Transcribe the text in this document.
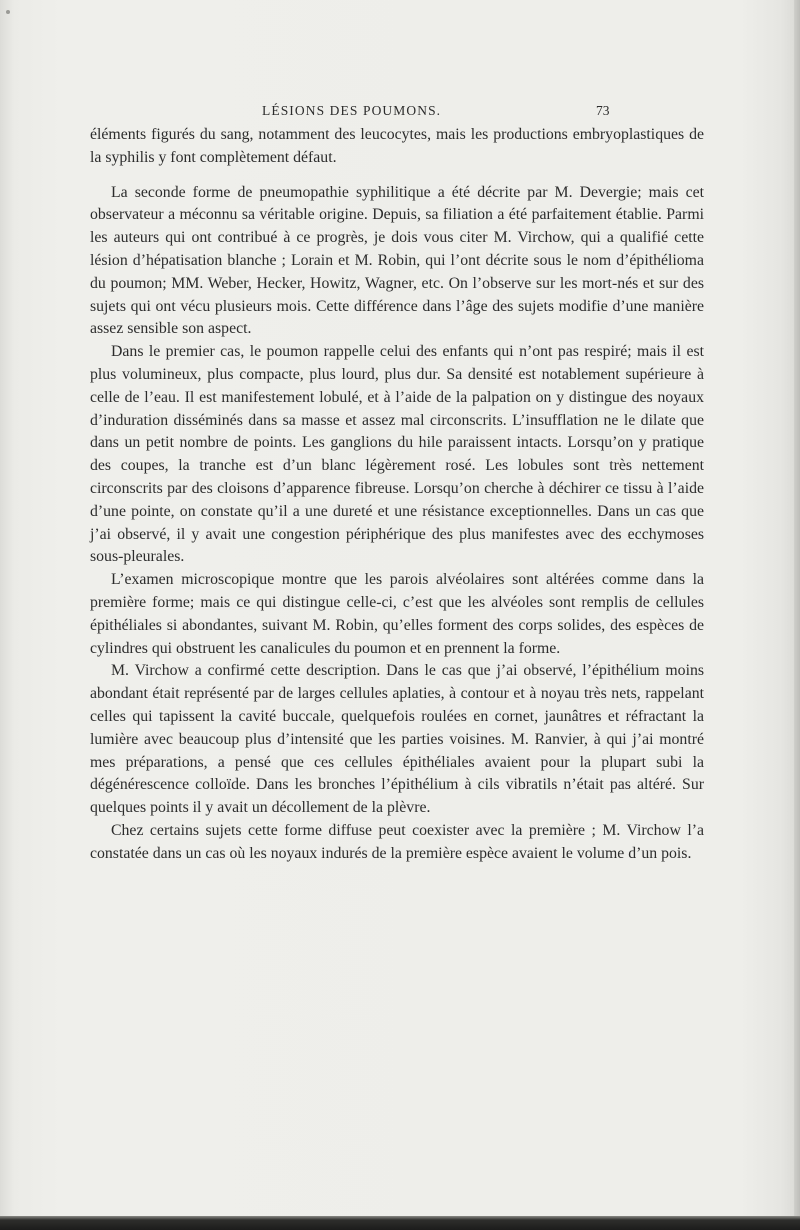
LÉSIONS DES POUMONS.	73

éléments figurés du sang, notamment des leucocytes, mais les productions embryoplastiques de la syphilis y font complètement défaut.

La seconde forme de pneumopathie syphilitique a été décrite par M. Devergie; mais cet observateur a méconnu sa véritable origine. Depuis, sa filiation a été parfaitement établie. Parmi les auteurs qui ont contribué à ce progrès, je dois vous citer M. Virchow, qui a qualifié cette lésion d’hépatisation blanche ; Lorain et M. Robin, qui l’ont décrite sous le nom d’épithélioma du poumon; MM. Weber, Hecker, Howitz, Wagner, etc. On l’observe sur les mort-nés et sur des sujets qui ont vécu plusieurs mois. Cette différence dans l’âge des sujets modifie d’une manière assez sensible son aspect.

Dans le premier cas, le poumon rappelle celui des enfants qui n’ont pas respiré; mais il est plus volumineux, plus compacte, plus lourd, plus dur. Sa densité est notablement supérieure à celle de l’eau. Il est manifestement lobulé, et à l’aide de la palpation on y distingue des noyaux d’induration disséminés dans sa masse et assez mal circonscrits. L’insufflation ne le dilate que dans un petit nombre de points. Les ganglions du hile paraissent intacts. Lorsqu’on y pratique des coupes, la tranche est d’un blanc légèrement rosé. Les lobules sont très nettement circonscrits par des cloisons d’apparence fibreuse. Lorsqu’on cherche à déchirer ce tissu à l’aide d’une pointe, on constate qu’il a une dureté et une résistance exceptionnelles. Dans un cas que j’ai observé, il y avait une congestion périphérique des plus manifestes avec des ecchymoses sous-pleurales.

L’examen microscopique montre que les parois alvéolaires sont altérées comme dans la première forme; mais ce qui distingue celle-ci, c’est que les alvéoles sont remplis de cellules épithéliales si abondantes, suivant M. Robin, qu’elles forment des corps solides, des espèces de cylindres qui obstruent les canalicules du poumon et en prennent la forme.

M. Virchow a confirmé cette description. Dans le cas que j’ai observé, l’épithélium moins abondant était représenté par de larges cellules aplaties, à contour et à noyau très nets, rappelant celles qui tapissent la cavité buccale, quelquefois roulées en cornet, jaunâtres et réfractant la lumière avec beaucoup plus d’intensité que les parties voisines. M. Ranvier, à qui j’ai montré mes préparations, a pensé que ces cellules épithéliales avaient pour la plupart subi la dégénérescence colloïde. Dans les bronches l’épithélium à cils vibratils n’était pas altéré. Sur quelques points il y avait un décollement de la plèvre.

Chez certains sujets cette forme diffuse peut coexister avec la première ; M. Virchow l’a constatée dans un cas où les noyaux indurés de la première espèce avaient le volume d’un pois.
